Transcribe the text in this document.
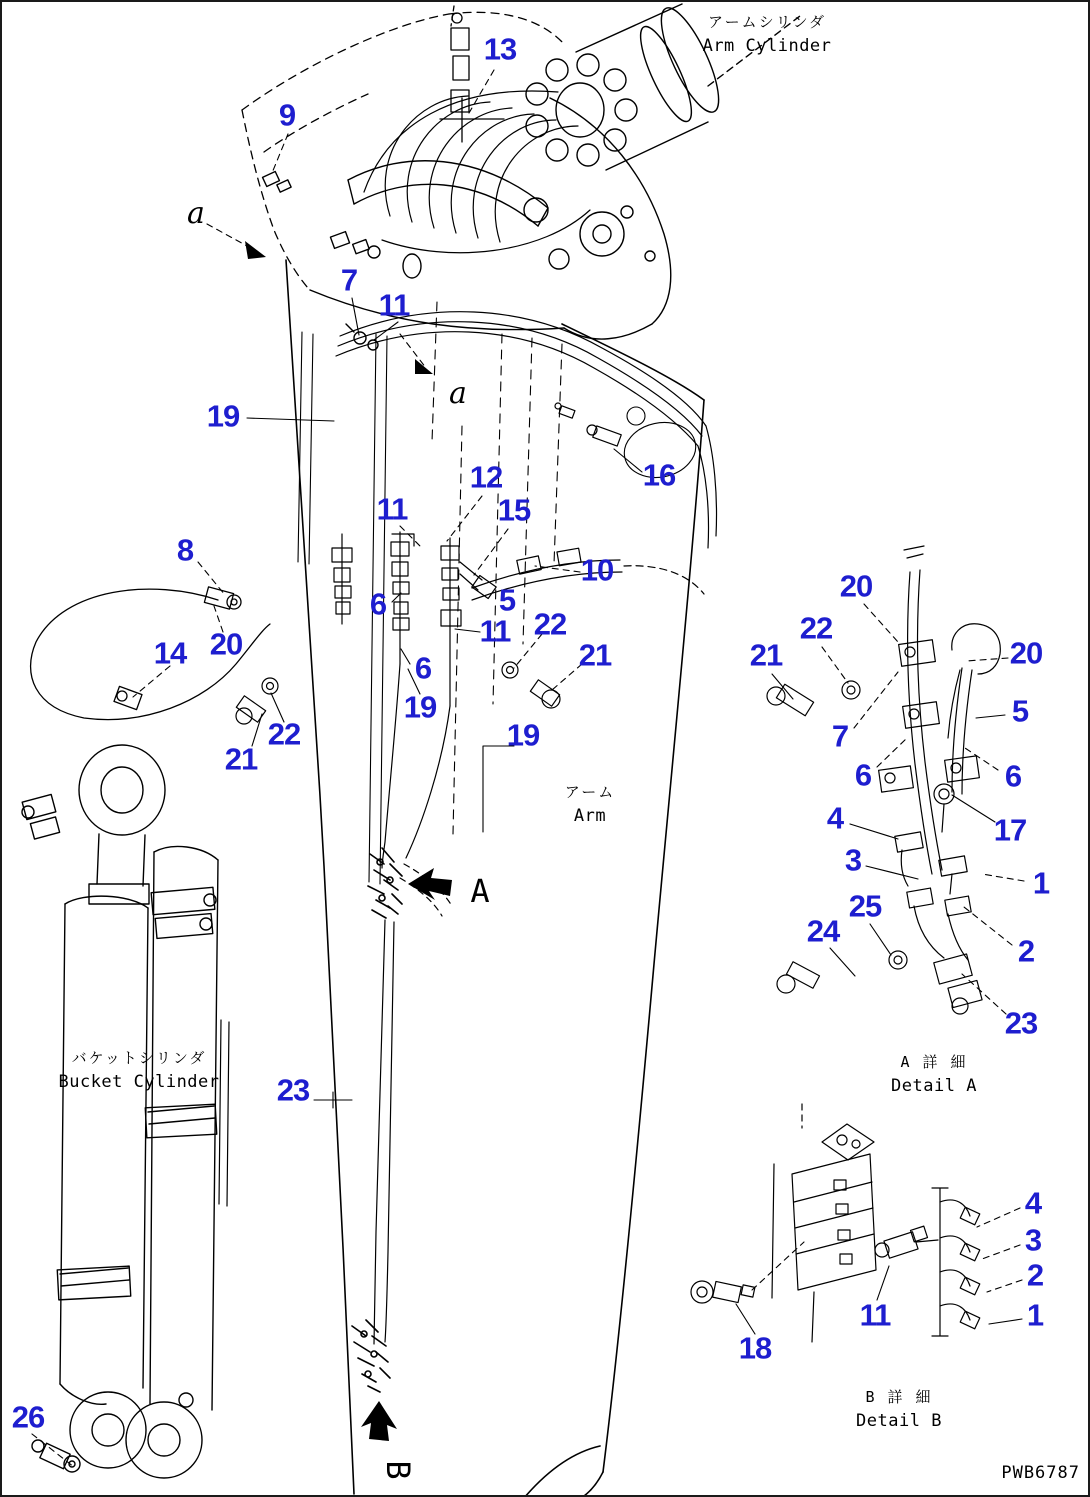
13
9
7
11
19
12
15
11
16
8
10
6	5
22
11
21
14 20
6
19
22
21
19
23
26
20
22
21	20
5
7
6	6
17
4
3
1
25
24
2
23
4
3
2
1
11
18
a
a
A
B
アームシリンダ
Arm Cylinder
アーム
Arm
バケットシリンダ
Bucket Cylinder
A 詳 細
Detail A
B 詳 細
Detail B
PWB6787
